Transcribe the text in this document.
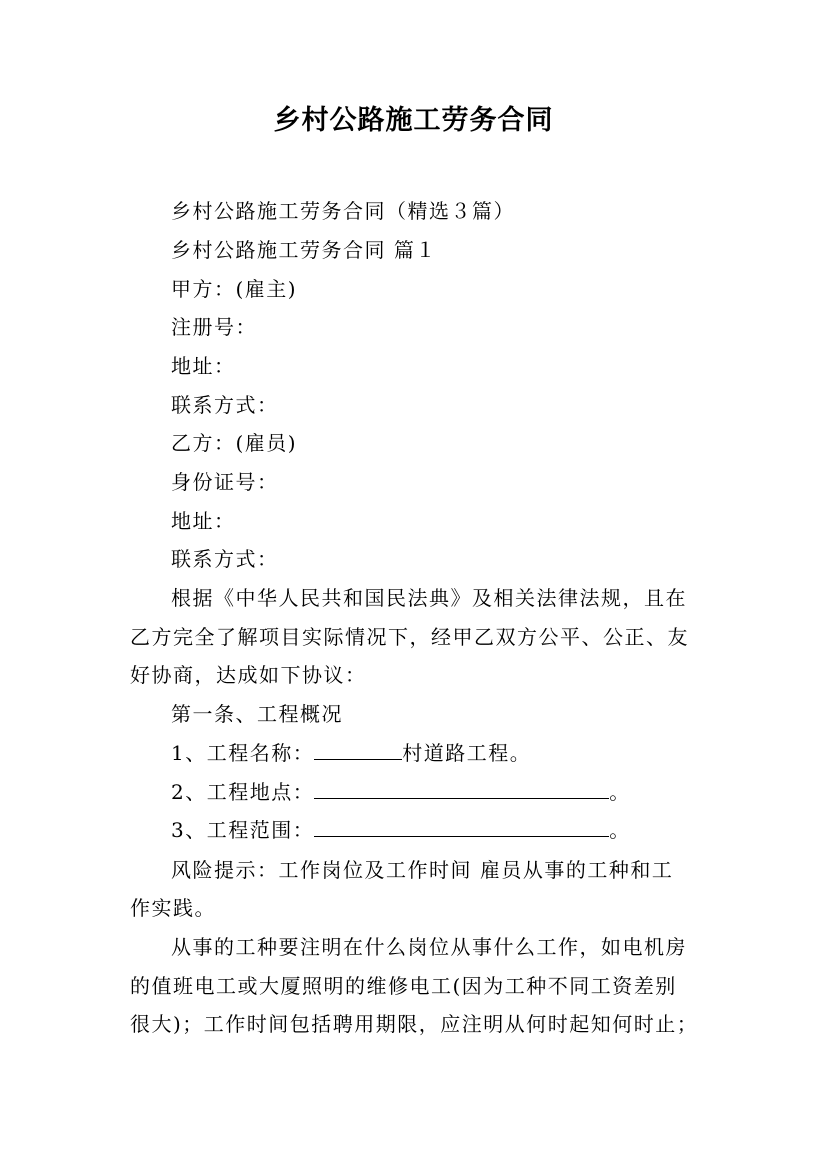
乡村公路施工劳务合同
乡村公路施工劳务合同（精选３篇）
乡村公路施工劳务合同 篇１
甲方：(雇主)
注册号：
地址：
联系方式：
乙方：(雇员)
身份证号：
地址：
联系方式：
根据《中华人民共和国民法典》及相关法律法规，且在
乙方完全了解项目实际情况下，经甲乙双方公平、公正、友
好协商，达成如下协议：
第一条、工程概况
1、工程名称：	村道路工程。
2、工程地点：	。
3、工程范围：	。
风险提示：工作岗位及工作时间 雇员从事的工种和工
作实践。
从事的工种要注明在什么岗位从事什么工作，如电机房
的值班电工或大厦照明的维修电工(因为工种不同工资差别
很大)；工作时间包括聘用期限，应注明从何时起知何时止；
